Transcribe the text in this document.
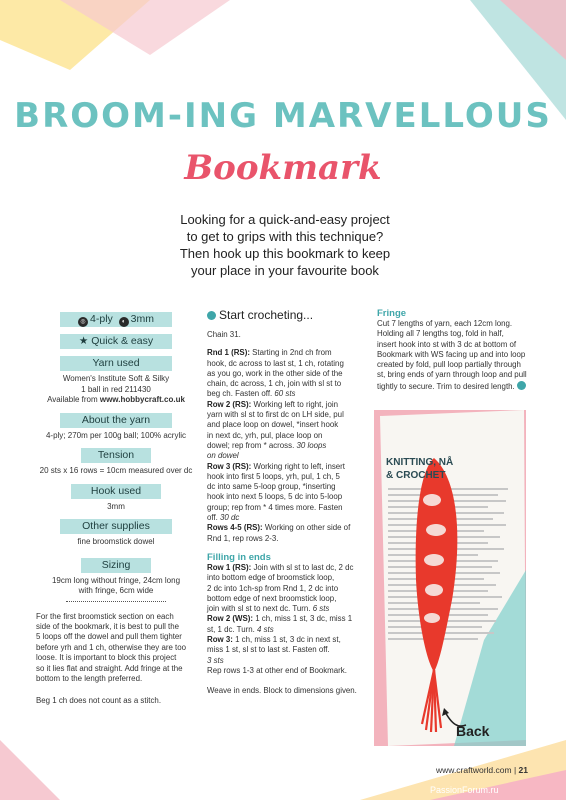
BROOM-ING MARVELLOUS
Bookmark
Looking for a quick-and-easy project
to get to grips with this technique?
Then hook up this bookmark to keep
your place in your favourite book
◎ 4-ply ◐ 3mm
★ Quick & easy
Yarn used
Women's Institute Soft & Silky
1 ball in red 211430
Available from www.hobbycraft.co.uk
About the yarn
4-ply; 270m per 100g ball; 100% acrylic
Tension
20 sts x 16 rows = 10cm measured over dc
Hook used
3mm
Other supplies
fine broomstick dowel
Sizing
19cm long without fringe, 24cm long
with fringe, 6cm wide
For the first broomstick section on each
side of the bookmark, it is best to pull the
5 loops off the dowel and pull them tighter
before yrh and 1 ch, otherwise they are too
loose. It is important to block this project
so it lies flat and straight. Add fringe at the
bottom to the length preferred.
Beg 1 ch does not count as a stitch.
Start crocheting...
Chain 31.
Rnd 1 (RS): Starting in 2nd ch from
hook, dc across to last st, 1 ch, rotating
as you go, work in the other side of the
chain, dc across, 1 ch, join with sl st to
beg ch. Fasten off. 60 sts
Row 2 (RS): Working left to right, join
yarn with sl st to first dc on LH side, pul
and place loop on dowel, *insert hook
in next dc, yrh, pul, place loop on
dowel; rep from * across. 30 loops
on dowel
Row 3 (RS): Working right to left, insert
hook into first 5 loops, yrh, pul, 1 ch, 5
dc into same 5-loop group, *inserting
hook into next 5 loops, 5 dc into 5-loop
group; rep from * 4 times more. Fasten
off. 30 dc
Rows 4-5 (RS): Working on other side of
Rnd 1, rep rows 2-3.
Filling in ends
Row 1 (RS): Join with sl st to last dc, 2 dc
into bottom edge of broomstick loop,
2 dc into 1ch-sp from Rnd 1, 2 dc into
bottom edge of next broomstick loop,
join with sl st to next dc. Turn. 6 sts
Row 2 (WS): 1 ch, miss 1 st, 3 dc, miss 1
st, 1 dc. Turn. 4 sts
Row 3: 1 ch, miss 1 st, 3 dc in next st,
miss 1 st, sl st to last st. Fasten off.
3 sts
Rep rows 1-3 at other end of Bookmark.
Weave in ends. Block to dimensions given.
Fringe
Cut 7 lengths of yarn, each 12cm long.
Holding all 7 lengths tog, fold in half,
insert hook into st with 3 dc at bottom of
Bookmark with WS facing up and into loop
created by fold, pull loop partially through
st, bring ends of yarn through loop and pull
tightly to secure. Trim to desired length.
KNITTING, NÅ
& CROCHET
Back
www.craftworld.com | 21
PassionForum.ru
